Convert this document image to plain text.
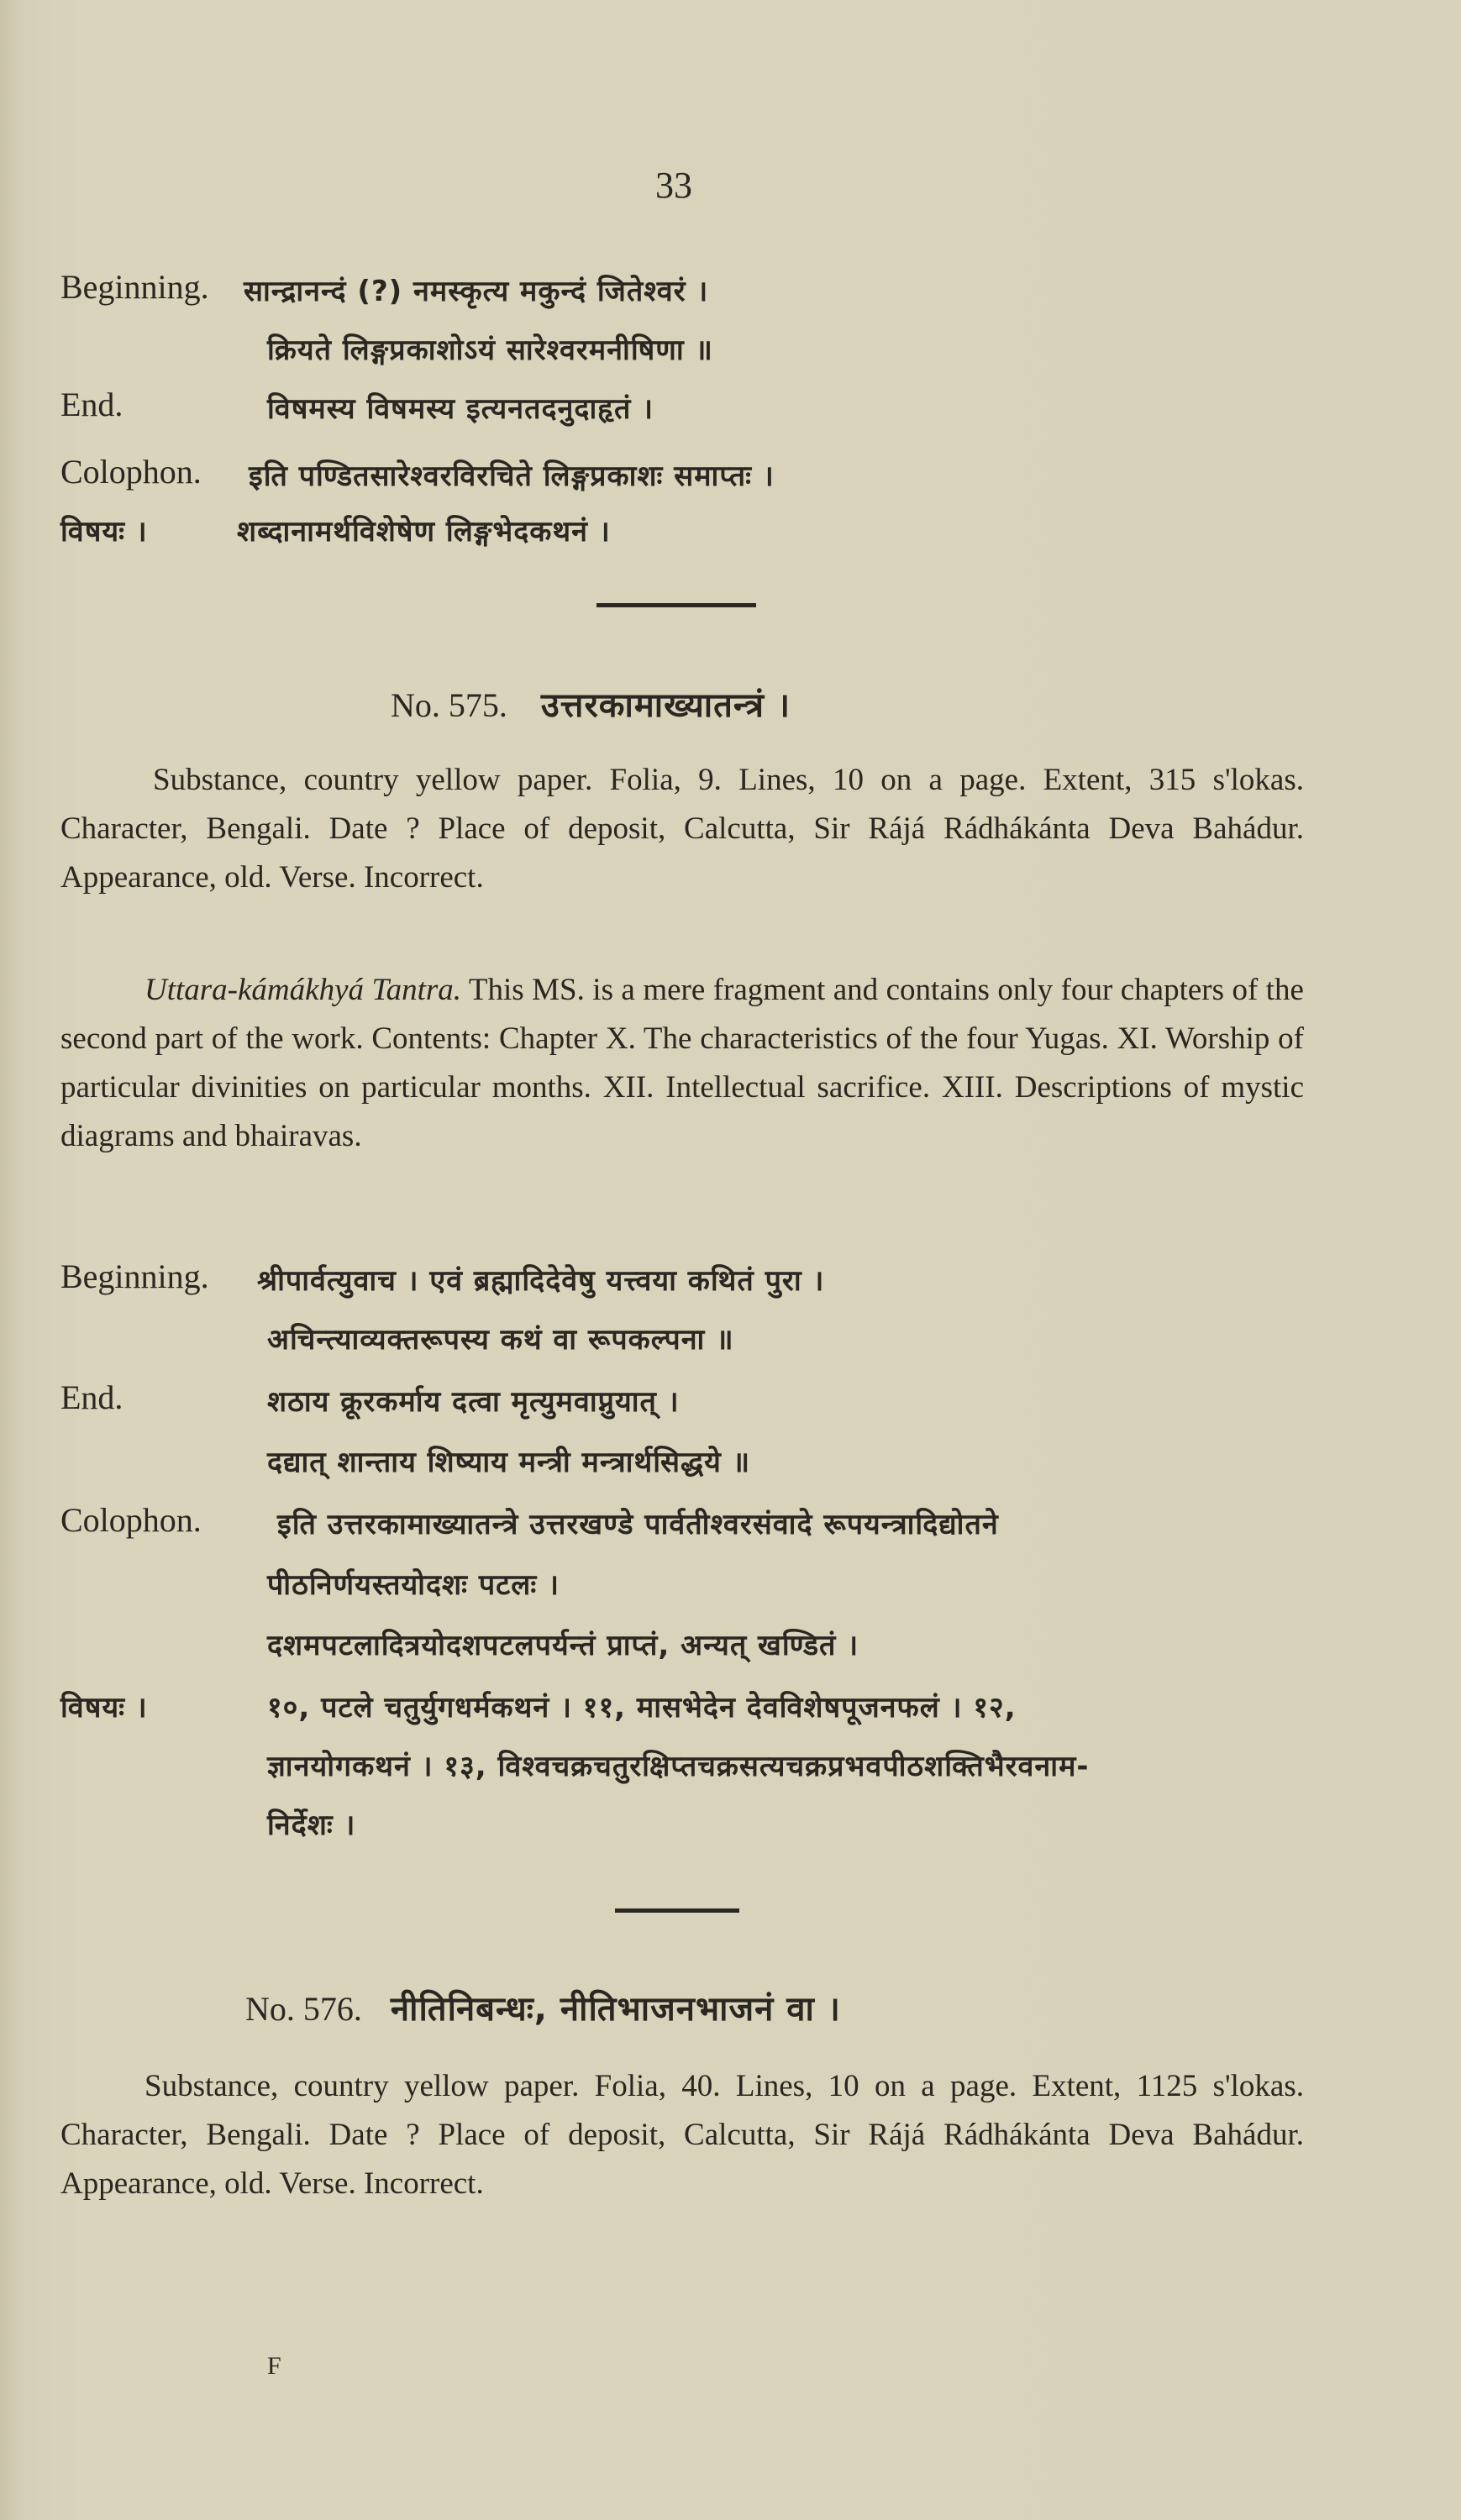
33
Beginning. सान्द्रानन्दं (?) नमस्कृत्य मकुन्दं जितेश्वरं ।
क्रियते लिङ्गप्रकाशोऽयं सारेश्वरमनीषिणा ॥
End.	विषमस्य विषमस्य इत्यनतदनुदाहृतं ।
Colophon. इति पण्डितसारेश्वरविरचिते लिङ्गप्रकाशः समाप्तः ।
विषयः ।	शब्दानामर्थविशेषेण लिङ्गभेदकथनं ।
No. 575. उत्तरकामाख्यातन्त्रं ।
Substance, country yellow paper. Folia, 9. Lines, 10 on a page. Extent, 315 s'lokas. Character, Bengali. Date ? Place of deposit, Calcutta, Sir Rájá Rádhákánta Deva Bahádur. Appearance, old. Verse. Incorrect.
Uttara-kámákhyá Tantra. This MS. is a mere fragment and contains only four chapters of the second part of the work. Contents: Chapter X. The characteristics of the four Yugas. XI. Worship of particular divinities on particular months. XII. Intellectual sacrifice. XIII. Descriptions of mystic diagrams and bhairavas.
Beginning. श्रीपार्वत्युवाच । एवं ब्रह्मादिदेवेषु यत्त्वया कथितं पुरा ।
अचिन्त्याव्यक्तरूपस्य कथं वा रूपकल्पना ॥
End.	शठाय क्रूरकर्माय दत्वा मृत्युमवाप्नुयात् ।
दद्यात् शान्ताय शिष्याय मन्त्री मन्त्रार्थसिद्धये ॥
Colophon.	इति उत्तरकामाख्यातन्त्रे उत्तरखण्डे पार्वतीश्वरसंवादे रूपयन्त्रादिद्योतने
पीठनिर्णयस्तयोदशः पटलः ।
दशमपटलादित्रयोदशपटलपर्यन्तं प्राप्तं, अन्यत् खण्डितं ।
विषयः ।	१०, पटले चतुर्युगधर्मकथनं । ११, मासभेदेन देवविशेषपूजनफलं । १२,
ज्ञानयोगकथनं । १३, विश्वचक्रचतुरक्षिप्तचक्रसत्यचक्रप्रभवपीठशक्तिभैरवनाम-
निर्देशः ।
No. 576. नीतिनिबन्धः, नीतिभाजनभाजनं वा ।
Substance, country yellow paper. Folia, 40. Lines, 10 on a page. Extent, 1125 s'lokas. Character, Bengali. Date ? Place of deposit, Calcutta, Sir Rájá Rádhákánta Deva Bahádur. Appearance, old. Verse. Incorrect.
F
